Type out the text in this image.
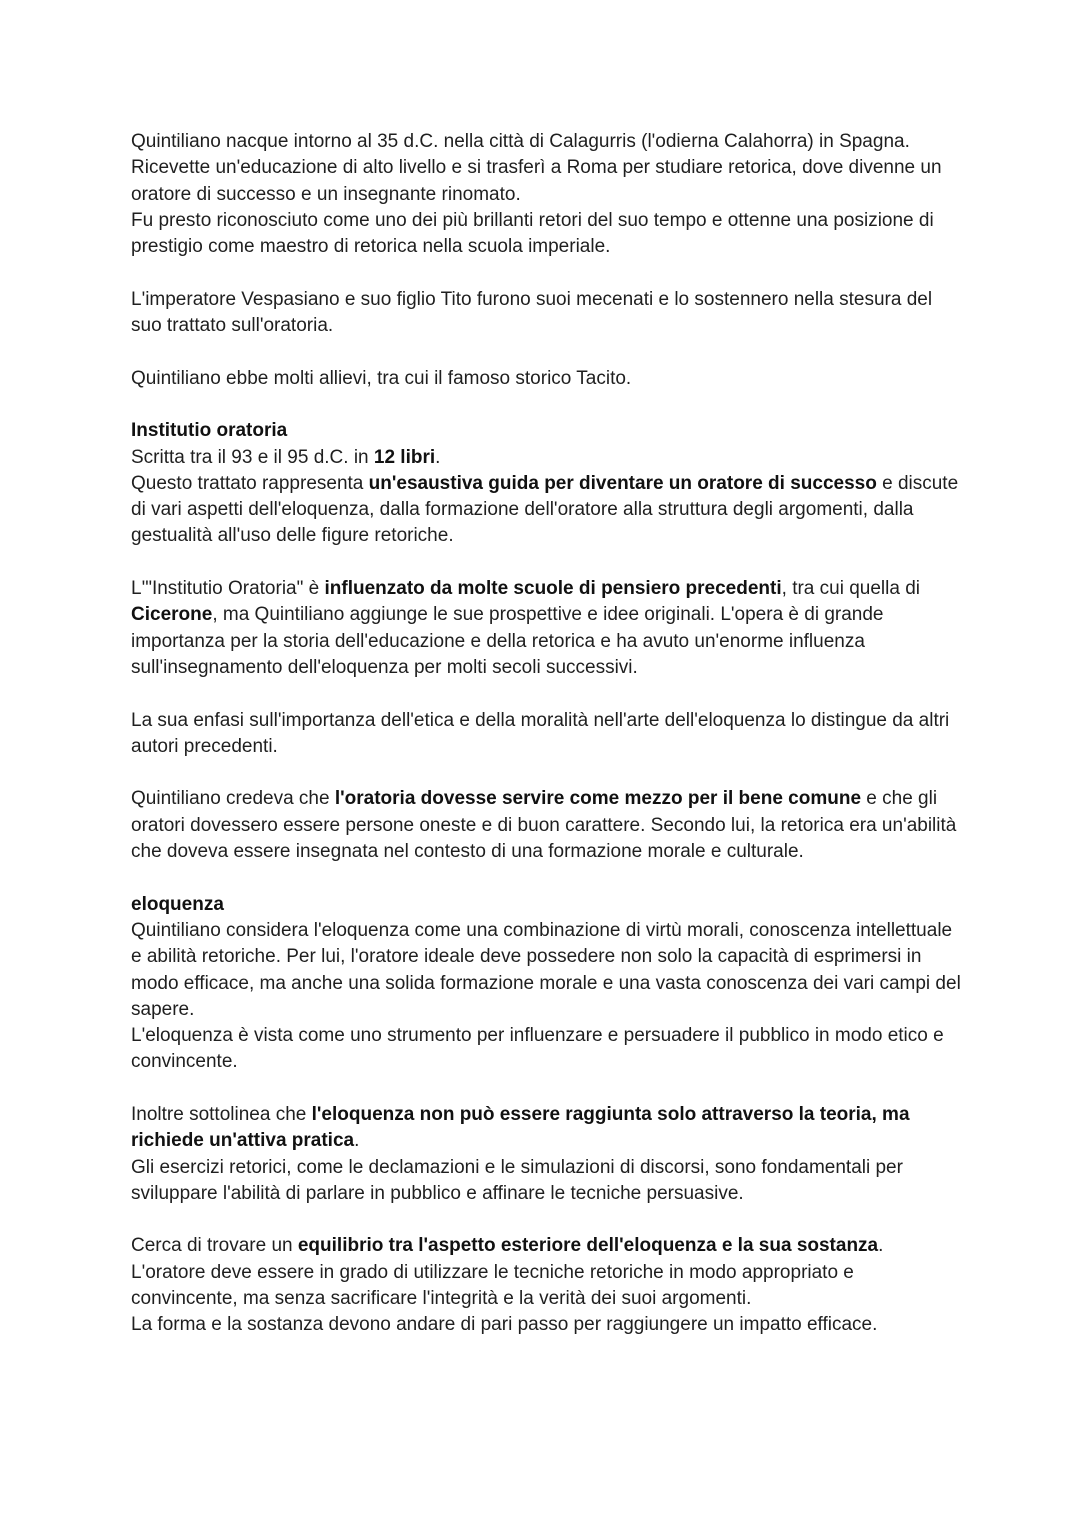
Quintiliano nacque intorno al 35 d.C. nella città di Calagurris (l'odierna Calahorra) in Spagna.
Ricevette un'educazione di alto livello e si trasferì a Roma per studiare retorica, dove divenne un oratore di successo e un insegnante rinomato.
Fu presto riconosciuto come uno dei più brillanti retori del suo tempo e ottenne una posizione di prestigio come maestro di retorica nella scuola imperiale.

L'imperatore Vespasiano e suo figlio Tito furono suoi mecenati e lo sostennero nella stesura del suo trattato sull'oratoria.

Quintiliano ebbe molti allievi, tra cui il famoso storico Tacito.

Institutio oratoria
Scritta tra il 93 e il 95 d.C. in 12 libri.
Questo trattato rappresenta un'esaustiva guida per diventare un oratore di successo e discute di vari aspetti dell'eloquenza, dalla formazione dell'oratore alla struttura degli argomenti, dalla gestualità all'uso delle figure retoriche.

L'"Institutio Oratoria" è influenzato da molte scuole di pensiero precedenti, tra cui quella di Cicerone, ma Quintiliano aggiunge le sue prospettive e idee originali. L'opera è di grande importanza per la storia dell'educazione e della retorica e ha avuto un'enorme influenza sull'insegnamento dell'eloquenza per molti secoli successivi.

La sua enfasi sull'importanza dell'etica e della moralità nell'arte dell'eloquenza lo distingue da altri autori precedenti.

Quintiliano credeva che l'oratoria dovesse servire come mezzo per il bene comune e che gli oratori dovessero essere persone oneste e di buon carattere. Secondo lui, la retorica era un'abilità che doveva essere insegnata nel contesto di una formazione morale e culturale.

eloquenza
Quintiliano considera l'eloquenza come una combinazione di virtù morali, conoscenza intellettuale e abilità retoriche. Per lui, l'oratore ideale deve possedere non solo la capacità di esprimersi in modo efficace, ma anche una solida formazione morale e una vasta conoscenza dei vari campi del sapere.
L'eloquenza è vista come uno strumento per influenzare e persuadere il pubblico in modo etico e convincente.

Inoltre sottolinea che l'eloquenza non può essere raggiunta solo attraverso la teoria, ma richiede un'attiva pratica.
Gli esercizi retorici, come le declamazioni e le simulazioni di discorsi, sono fondamentali per sviluppare l'abilità di parlare in pubblico e affinare le tecniche persuasive.

Cerca di trovare un equilibrio tra l'aspetto esteriore dell'eloquenza e la sua sostanza.
L'oratore deve essere in grado di utilizzare le tecniche retoriche in modo appropriato e convincente, ma senza sacrificare l'integrità e la verità dei suoi argomenti.
La forma e la sostanza devono andare di pari passo per raggiungere un impatto efficace.
